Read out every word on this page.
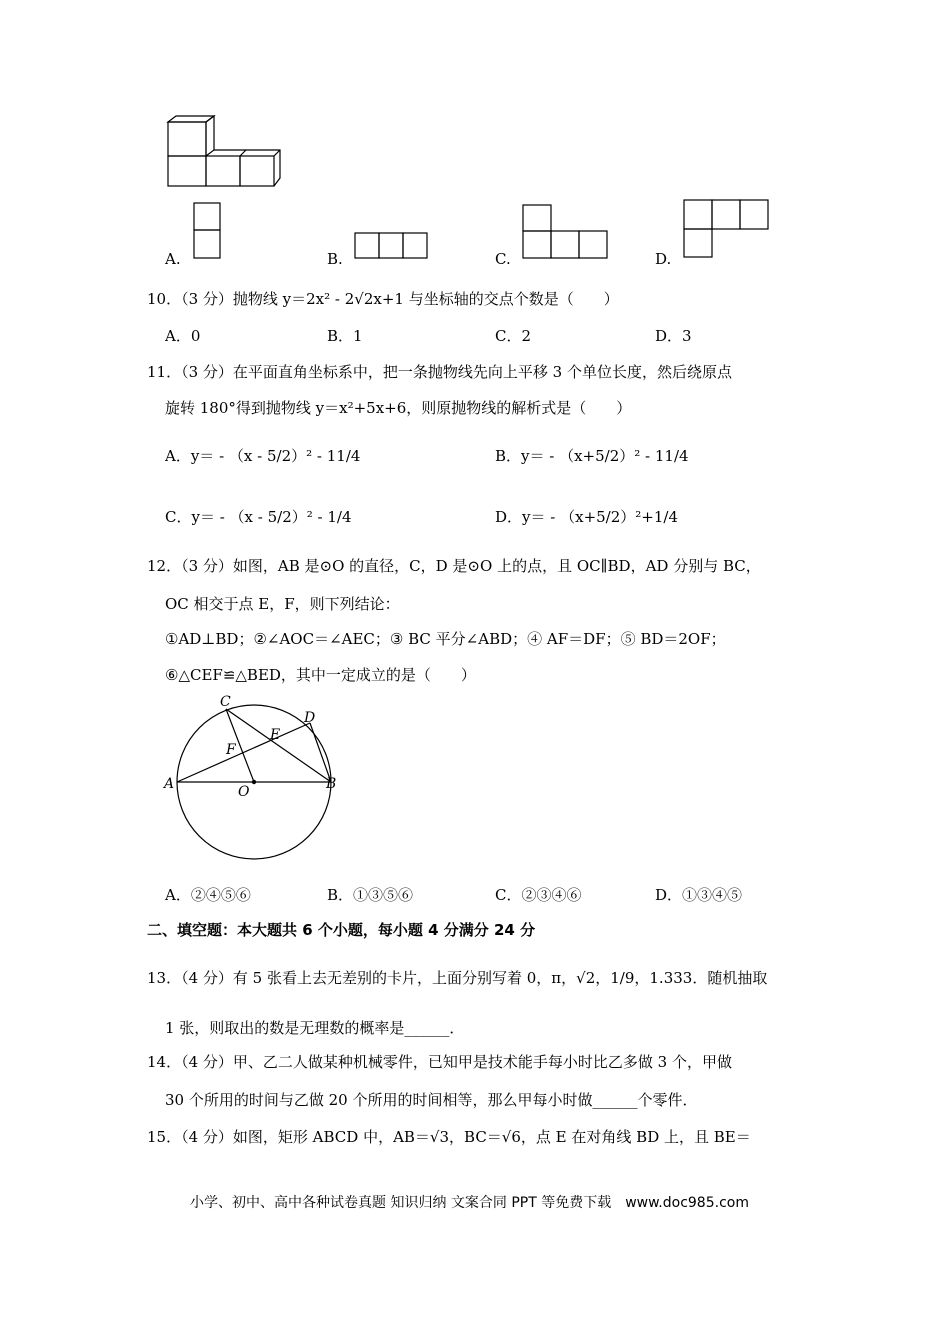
A.	B.	C.	D.
10．（3 分）抛物线 y＝2x² - 2√2x+1 与坐标轴的交点个数是（　　）
A．0	B．1	C．2	D．3
11．（3 分）在平面直角坐标系中，把一条抛物线先向上平移 3 个单位长度，然后绕原点
旋转 180°得到抛物线 y＝x²+5x+6，则原抛物线的解析式是（　　）
A．y＝ - （x - 5/2）² - 11/4	B．y＝ - （x+5/2）² - 11/4
C．y＝ - （x - 5/2）² - 1/4	D．y＝ - （x+5/2）²+1/4
12．（3 分）如图，AB 是⊙O 的直径，C，D 是⊙O 上的点，且 OC∥BD，AD 分别与 BC，
OC 相交于点 E，F，则下列结论：
①AD⊥BD；②∠AOC＝∠AEC；③ BC 平分∠ABD；④ AF＝DF；⑤ BD＝2OF；
⑥△CEF≌△BED，其中一定成立的是（　　）
C
D
E
F
A	O	B
A．②④⑤⑥	B．①③⑤⑥	C．②③④⑥	D．①③④⑤
二、填空题：本大题共 6 个小题，每小题 4 分满分 24 分
13．（4 分）有 5 张看上去无差别的卡片，上面分别写着 0，π，√2，1/9，1.333．随机抽取
1 张，则取出的数是无理数的概率是______．
14．（4 分）甲、乙二人做某种机械零件，已知甲是技术能手每小时比乙多做 3 个，甲做
30 个所用的时间与乙做 20 个所用的时间相等，那么甲每小时做______个零件．
15．（4 分）如图，矩形 ABCD 中，AB＝√3，BC＝√6，点 E 在对角线 BD 上，且 BE＝
小学、初中、高中各种试卷真题 知识归纳 文案合同 PPT 等免费下载　www.doc985.com
